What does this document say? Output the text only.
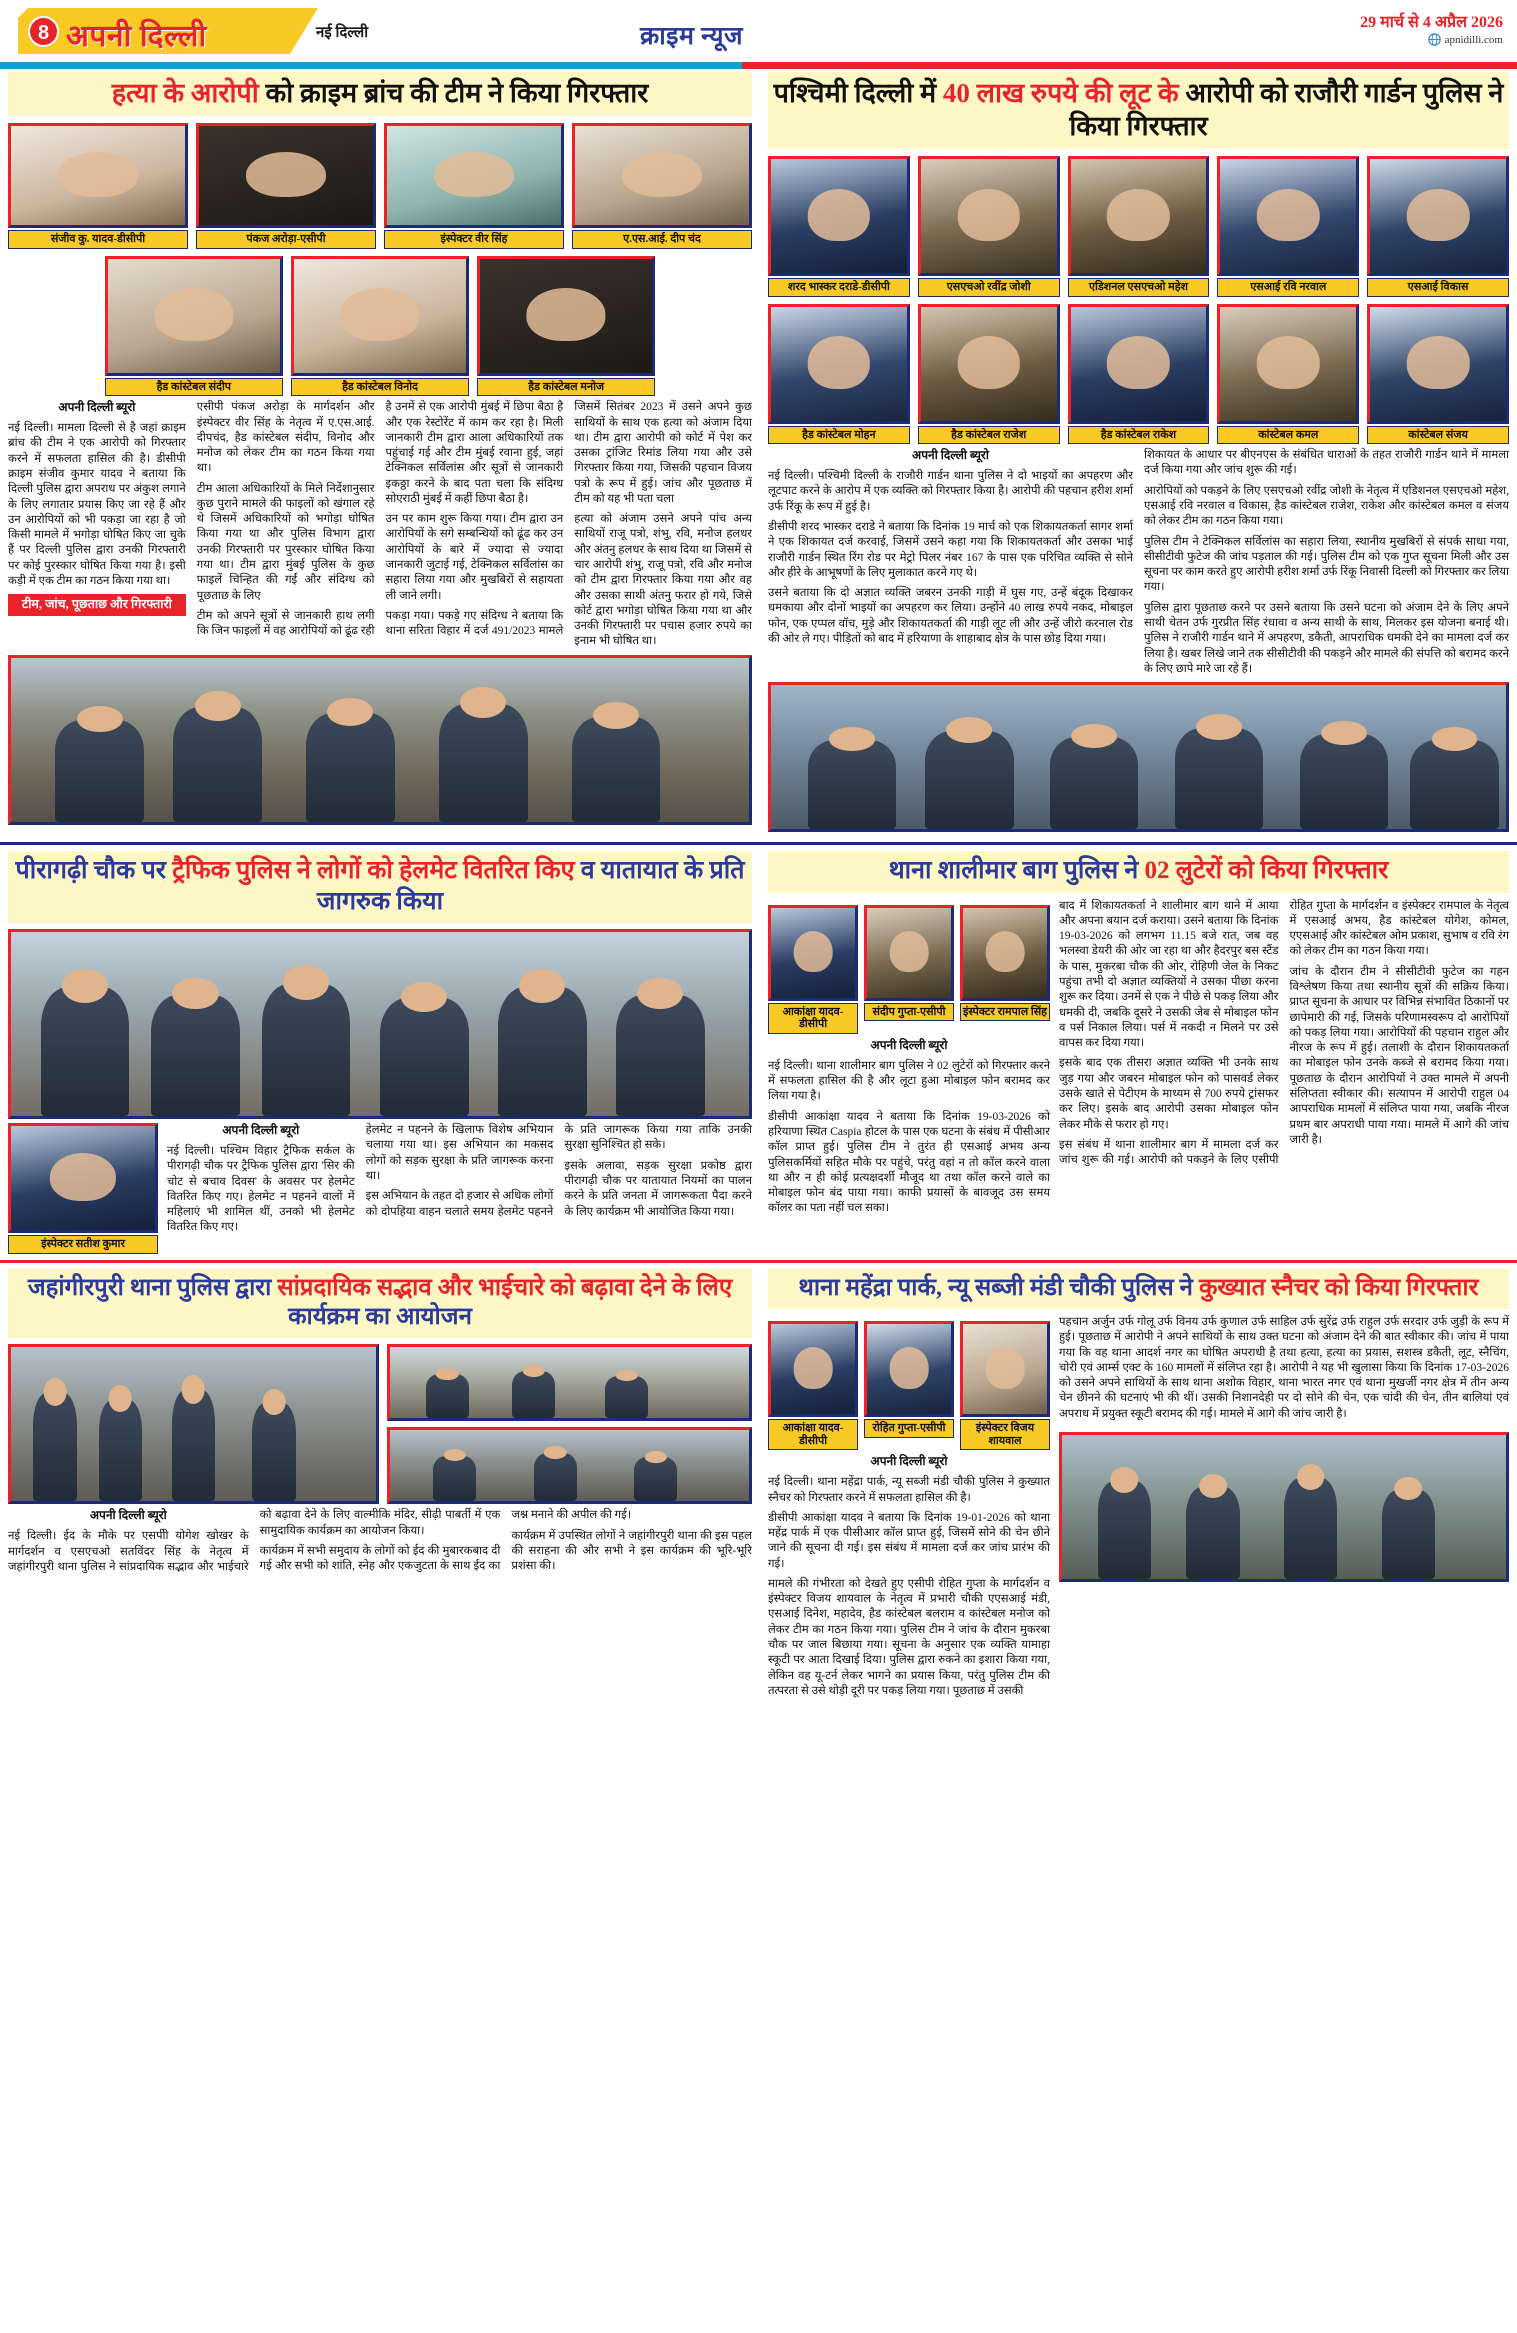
8 अपनी दिल्ली	नई दिल्ली	क्राइम न्यूज
29 मार्च से 4 अप्रैल 2026
apnidilli.com
हत्या के आरोपी को क्राइम ब्रांच की टीम ने किया गिरफ्तार
संजीव कु. यादव-डीसीपी	पंकज अरोड़ा-एसीपी	इंस्पेक्टर वीर सिंह	ए.एस.आई. दीप चंद
हैड कांस्टेबल संदीप	हैड कांस्टेबल विनोद	हैड कांस्टेबल मनोज

अपनी दिल्ली ब्यूरो

नई दिल्ली। मामला दिल्ली से है जहां क्राइम ब्रांच की टीम ने एक आरोपी को गिरफ्तार करने में सफलता हासिल की है। डीसीपी क्राइम संजीव कुमार यादव ने बताया कि दिल्ली पुलिस द्वारा अपराध पर अंकुश लगाने के लिए लगातार प्रयास किए जा रहे हैं और उन आरोपियों को भी पकड़ा जा रहा है जो किसी मामले में भगोड़ा घोषित किए जा चुके हैं पर दिल्ली पुलिस द्वारा उनकी गिरफ्तारी पर कोई पुरस्कार घोषित किया गया है। इसी कड़ी में एक टीम का गठन किया गया था।

टीम, जांच, पूछताछ और गिरफ्तारी

एसीपी पंकज अरोड़ा के मार्गदर्शन और इंस्पेक्टर वीर सिंह के नेतृत्व में ए.एस.आई. दीपचंद, हैड कांस्टेबल संदीप, विनोद और मनोज को लेकर टीम का गठन किया गया था।

टीम आला अधिकारियों के मिले निर्देशानुसार कुछ पुराने मामले की फाइलों को खंगाल रहे थे जिसमें अधिकारियों को भगोड़ा घोषित किया गया था और पुलिस विभाग द्वारा उनकी गिरफ्तारी पर पुरस्कार घोषित किया गया था। टीम द्वारा मुंबई पुलिस के कुछ फाइलें चिन्हित की गईं और संदिग्ध को पूछताछ के लिए

टीम को अपने सूत्रों से जानकारी हाथ लगी कि जिन फाइलों में वह आरोपियों को ढूंढ रही है उनमें से एक आरोपी मुंबई में छिपा बैठा है और एक रेस्टोरेंट में काम कर रहा है। मिली जानकारी टीम द्वारा आला अधिकारियों तक पहुंचाई गई और टीम मुंबई रवाना हुई, जहां टेक्निकल सर्विलांस और सूत्रों से जानकारी इकठ्ठा करने के बाद पता चला कि संदिग्ध सोएराठी मुंबई में कहीं छिपा बैठा है।

उन पर काम शुरू किया गया। टीम द्वारा उन आरोपियों के सगे सम्बन्धियों को ढूंढ कर उन आरोपियों के बारे में ज्यादा से ज्यादा जानकारी जुटाई गई, टेक्निकल सर्विलांस का सहारा लिया गया और मुखबिरों से सहायता ली जाने लगी।

पकड़ा गया। पकड़े गए संदिग्ध ने बताया कि थाना सरिता विहार में दर्ज 491/2023 मामले जिसमें सितंबर 2023 में उसने अपने कुछ साथियों के साथ एक हत्या को अंजाम दिया था। टीम द्वारा आरोपी को कोर्ट में पेश कर उसका ट्रांजिट रिमांड लिया गया और उसे गिरफ्तार किया गया, जिसकी पहचान विजय पत्रो के रूप में हुई। जांच और पूछताछ में टीम को यह भी पता चला

हत्या को अंजाम उसने अपने पांच अन्य साथियों राजू पत्रो, शंभु, रवि, मनोज हलधर और अंतनु हलधर के साथ दिया था जिसमें से चार आरोपी शंभु, राजू पत्रो, रवि और मनोज को टीम द्वारा गिरफ्तार किया गया और वह और उसका साथी अंतनु फरार हो गये, जिसे कोर्ट द्वारा भगोड़ा घोषित किया गया था और उनकी गिरफ्तारी पर पचास हजार रुपये का इनाम भी घोषित था।

पश्चिमी दिल्ली में 40 लाख रुपये की लूट के आरोपी को राजौरी गार्डन पुलिस ने किया गिरफ्तार
शरद भास्कर दराडे-डीसीपी	एसएचओ रवींद्र जोशी	एडिशनल एसएचओ महेश	एसआई रवि नरवाल	एसआई विकास
हैड कांस्टेबल मोहन	हैड कांस्टेबल राजेश	हैड कांस्टेबल राकेश	कांस्टेबल कमल	कांस्टेबल संजय

अपनी दिल्ली ब्यूरो

नई दिल्ली। पश्चिमी दिल्ली के राजौरी गार्डन थाना पुलिस ने दो भाइयों का अपहरण और लूटपाट करने के आरोप में एक व्यक्ति को गिरफ्तार किया है। आरोपी की पहचान हरीश शर्मा उर्फ रिंकू के रूप में हुई है।

डीसीपी शरद भास्कर दराडे ने बताया कि दिनांक 19 मार्च को एक शिकायतकर्ता सागर शर्मा ने एक शिकायत दर्ज करवाई, जिसमें उसने कहा गया कि शिकायतकर्ता और उसका भाई राजौरी गार्डन स्थित रिंग रोड पर मेट्रो पिलर नंबर 167 के पास एक परिचित व्यक्ति से सोने और हीरे के आभूषणों के लिए मुलाकात करने गए थे।

उसने बताया कि दो अज्ञात व्यक्ति जबरन उनकी गाड़ी में घुस गए, उन्हें बंदूक दिखाकर धमकाया और दोनों भाइयों का अपहरण कर लिया। उन्होंने 40 लाख रुपये नकद, मोबाइल फोन, एक एप्पल वॉच, मुड़े और शिकायतकर्ता की गाड़ी लूट ली और उन्हें जीरो करनाल रोड की ओर ले गए। पीड़ितों को बाद में हरियाणा के शाहाबाद क्षेत्र के पास छोड़ दिया गया।

शिकायत के आधार पर बीएनएस के संबंधित धाराओं के तहत राजौरी गार्डन थाने में मामला दर्ज किया गया और जांच शुरू की गई।

आरोपियों को पकड़ने के लिए एसएचओ रवींद्र जोशी के नेतृत्व में एडिशनल एसएचओ महेश, एसआई रवि नरवाल व विकास, हैड कांस्टेबल राजेश, राकेश और कांस्टेबल कमल व संजय को लेकर टीम का गठन किया गया।

पुलिस टीम ने टेक्निकल सर्विलांस का सहारा लिया, स्थानीय मुखबिरों से संपर्क साधा गया, सीसीटीवी फुटेज की जांच पड़ताल की गई। पुलिस टीम को एक गुप्त सूचना मिली और उस सूचना पर काम करते हुए आरोपी हरीश शर्मा उर्फ रिंकू निवासी दिल्ली को गिरफ्तार कर लिया गया।

पुलिस द्वारा पूछताछ करने पर उसने बताया कि उसने घटना को अंजाम देने के लिए अपने साथी चेतन उर्फ गुरप्रीत सिंह रंधावा व अन्य साथी के साथ, मिलकर इस योजना बनाई थी। पुलिस ने राजौरी गार्डन थाने में अपहरण, डकैती, आपराधिक धमकी देने का मामला दर्ज कर लिया है। खबर लिखे जाने तक सीसीटीवी की पकड़ने और मामले की संपत्ति को बरामद करने के लिए छापे मारे जा रहे हैं।

पीरागढ़ी चौक पर ट्रैफिक पुलिस ने लोगों को हेलमेट वितरित किए व यातायात के प्रति जागरुक किया
इंस्पेक्टर सतीश कुमार

अपनी दिल्ली ब्यूरो

नई दिल्ली। पश्चिम विहार ट्रैफिक सर्कल के पीरागढ़ी चौक पर ट्रैफिक पुलिस द्वारा 'सिर की चोट से बचाव दिवस' के अवसर पर हेलमेट वितरित किए गए। हेलमेट न पहनने वालों में महिलाएं भी शामिल थीं, उनको भी हेलमेट वितरित किए गए।

हेलमेट न पहनने के खिलाफ विशेष अभियान चलाया गया था। इस अभियान का मकसद लोगों को सड़क सुरक्षा के प्रति जागरूक करना था।

इस अभियान के तहत दो हजार से अधिक लोगों को दोपहिया वाहन चलाते समय हेलमेट पहनने के प्रति जागरूक किया गया ताकि उनकी सुरक्षा सुनिश्चित हो सके।

इसके अलावा, सड़क सुरक्षा प्रकोष्ठ द्वारा पीरागढ़ी चौक पर यातायात नियमों का पालन करने के प्रति जनता में जागरूकता पैदा करने के लिए कार्यक्रम भी आयोजित किया गया।

थाना शालीमार बाग पुलिस ने 02 लुटेरों को किया गिरफ्तार
आकांक्षा यादव-डीसीपी
संदीप गुप्ता-एसीपी	इंस्पेक्टर रामपाल सिंह

अपनी दिल्ली ब्यूरो

नई दिल्ली। थाना शालीमार बाग पुलिस ने 02 लुटेरों को गिरफ्तार करने में सफलता हासिल की है और लूटा हुआ मोबाइल फोन बरामद कर लिया गया है।

डीसीपी आकांक्षा यादव ने बताया कि दिनांक 19-03-2026 को हरियाणा स्थित Caspia होटल के पास एक घटना के संबंध में पीसीआर कॉल प्राप्त हुई। पुलिस टीम ने तुरंत ही एसआई अभय अन्य पुलिसकर्मियों सहित मौके पर पहुंचे, परंतु वहां न तो कॉल करने वाला था और न ही कोई प्रत्यक्षदर्शी मौजूद था तथा कॉल करने वाले का मोबाइल फोन बंद पाया गया। काफी प्रयासों के बावजूद उस समय कॉलर का पता नहीं चल सका।

बाद में शिकायतकर्ता ने शालीमार बाग थाने में आया और अपना बयान दर्ज कराया। उसने बताया कि दिनांक 19-03-2026 को लगभग 11.15 बजे रात, जब वह भलस्वा डेयरी की ओर जा रहा था और हैदरपुर बस स्टैंड के पास, मुकरबा चौक की ओर, रोहिणी जेल के निकट पहुंचा तभी दो अज्ञात व्यक्तियों ने उसका पीछा करना शुरू कर दिया। उनमें से एक ने पीछे से पकड़ लिया और धमकी दी, जबकि दूसरे ने उसकी जेब से मोबाइल फोन व पर्स निकाल लिया। पर्स में नकदी न मिलने पर उसे वापस कर दिया गया।

इसके बाद एक तीसरा अज्ञात व्यक्ति भी उनके साथ जुड़ गया और जबरन मोबाइल फोन को पासवर्ड लेकर उसके खाते से पेटीएम के माध्यम से 700 रुपये ट्रांसफर कर लिए। इसके बाद आरोपी उसका मोबाइल फोन लेकर मौके से फरार हो गए।

इस संबंध में थाना शालीमार बाग में मामला दर्ज कर जांच शुरू की गई। आरोपी को पकड़ने के लिए एसीपी रोहित गुप्ता के मार्गदर्शन व इंस्पेक्टर रामपाल के नेतृत्व में एसआई अभय, हैड कांस्टेबल योगेश, कोमल, एएसआई और कांस्टेबल ओम प्रकाश, सुभाष व रवि रंग को लेकर टीम का गठन किया गया।

जांच के दौरान टीम ने सीसीटीवी फुटेज का गहन विश्लेषण किया तथा स्थानीय सूत्रों की सक्रिय किया। प्राप्त सूचना के आधार पर विभिन्न संभावित ठिकानों पर छापेमारी की गई, जिसके परिणामस्वरूप दो आरोपियों को पकड़ लिया गया। आरोपियों की पहचान राहुल और नीरज के रूप में हुई। तलाशी के दौरान शिकायतकर्ता का मोबाइल फोन उनके कब्जे से बरामद किया गया। पूछताछ के दौरान आरोपियों ने उक्त मामले में अपनी संलिप्तता स्वीकार की। सत्यापन में आरोपी राहुल 04 आपराधिक मामलों में संलिप्त पाया गया, जबकि नीरज प्रथम बार अपराधी पाया गया। मामले में आगे की जांच जारी है।

जहांगीरपुरी थाना पुलिस द्वारा सांप्रदायिक सद्भाव और भाईचारे को बढ़ावा देने के लिए कार्यक्रम का आयोजन

अपनी दिल्ली ब्यूरो

नई दिल्ली। ईद के मौके पर एसपीी योगेश खोखर के मार्गदर्शन व एसएचओ सतविंदर सिंह के नेतृत्व में जहांगीरपुरी थाना पुलिस ने सांप्रदायिक सद्भाव और भाईचारे को बढ़ावा देने के लिए वाल्मीकि मंदिर, सीढ़ी पाबर्ती में एक सामुदायिक कार्यक्रम का आयोजन किया।

कार्यक्रम में सभी समुदाय के लोगों को ईद की मुबारकबाद दी गई और सभी को शांति, स्नेह और एकजुटता के साथ ईद का जश्न मनाने की अपील की गई।

कार्यक्रम में उपस्थित लोगों ने जहांगीरपुरी थाना की इस पहल की सराहना की और सभी ने इस कार्यक्रम की भूरि-भूरि प्रशंसा की।

थाना महेंद्रा पार्क, न्यू सब्जी मंडी चौकी पुलिस ने कुख्यात स्नैचर को किया गिरफ्तार
आकांक्षा यादव-डीसीपी
रोहित गुप्ता-एसीपी	इंस्पेक्टर विजय शायवाल

अपनी दिल्ली ब्यूरो

नई दिल्ली। थाना महेंद्रा पार्क, न्यू सब्जी मंडी चौकी पुलिस ने कुख्यात स्नैचर को गिरफ्तार करने में सफलता हासिल की है।

डीसीपी आकांक्षा यादव ने बताया कि दिनांक 19-01-2026 को थाना महेंद्र पार्क में एक पीसीआर कॉल प्राप्त हुई, जिसमें सोने की चेन छीने जाने की सूचना दी गई। इस संबंध में मामला दर्ज कर जांच प्रारंभ की गई।

मामले की गंभीरता को देखते हुए एसीपी रोहित गुप्ता के मार्गदर्शन व इंस्पेक्टर विजय शायवाल के नेतृत्व में प्रभारी चौकी एएसआई मंडी, एसआई दिनेश, महादेव, हैड कांस्टेबल बलराम व कांस्टेबल मनोज को लेकर टीम का गठन किया गया। पुलिस टीम ने जांच के दौरान मुकरबा चौक पर जाल बिछाया गया। सूचना के अनुसार एक व्यक्ति यामाहा स्कूटी पर आता दिखाई दिया। पुलिस द्वारा रुकने का इशारा किया गया, लेकिन वह यू-टर्न लेकर भागने का प्रयास किया, परंतु पुलिस टीम की तत्परता से उसे थोड़ी दूरी पर पकड़ लिया गया। पूछताछ में उसकी

पहचान अर्जुन उर्फ गोलू उर्फ विनय उर्फ कुणाल उर्फ साहिल उर्फ सुरेंद्र उर्फ राहुल उर्फ सरदार उर्फ जुड़ी के रूप में हुई। पूछताछ में आरोपी ने अपने साथियों के साथ उक्त घटना को अंजाम देने की बात स्वीकार की। जांच में पाया गया कि वह थाना आदर्श नगर का घोषित अपराधी है तथा हत्या, हत्या का प्रयास, सशस्त्र डकैती, लूट, स्नैचिंग, चोरी एवं आर्म्स एक्ट के 160 मामलों में संलिप्त रहा है। आरोपी ने यह भी खुलासा किया कि दिनांक 17-03-2026 को उसने अपने साथियों के साथ थाना अशोक विहार, थाना भारत नगर एवं थाना मुखर्जी नगर क्षेत्र में तीन अन्य चेन छीनने की घटनाएं भी की थीं। उसकी निशानदेही पर दो सोने की चेन, एक चांदी की चेन, तीन बालियां एवं अपराध में प्रयुक्त स्कूटी बरामद की गई। मामले में आगे की जांच जारी है।
